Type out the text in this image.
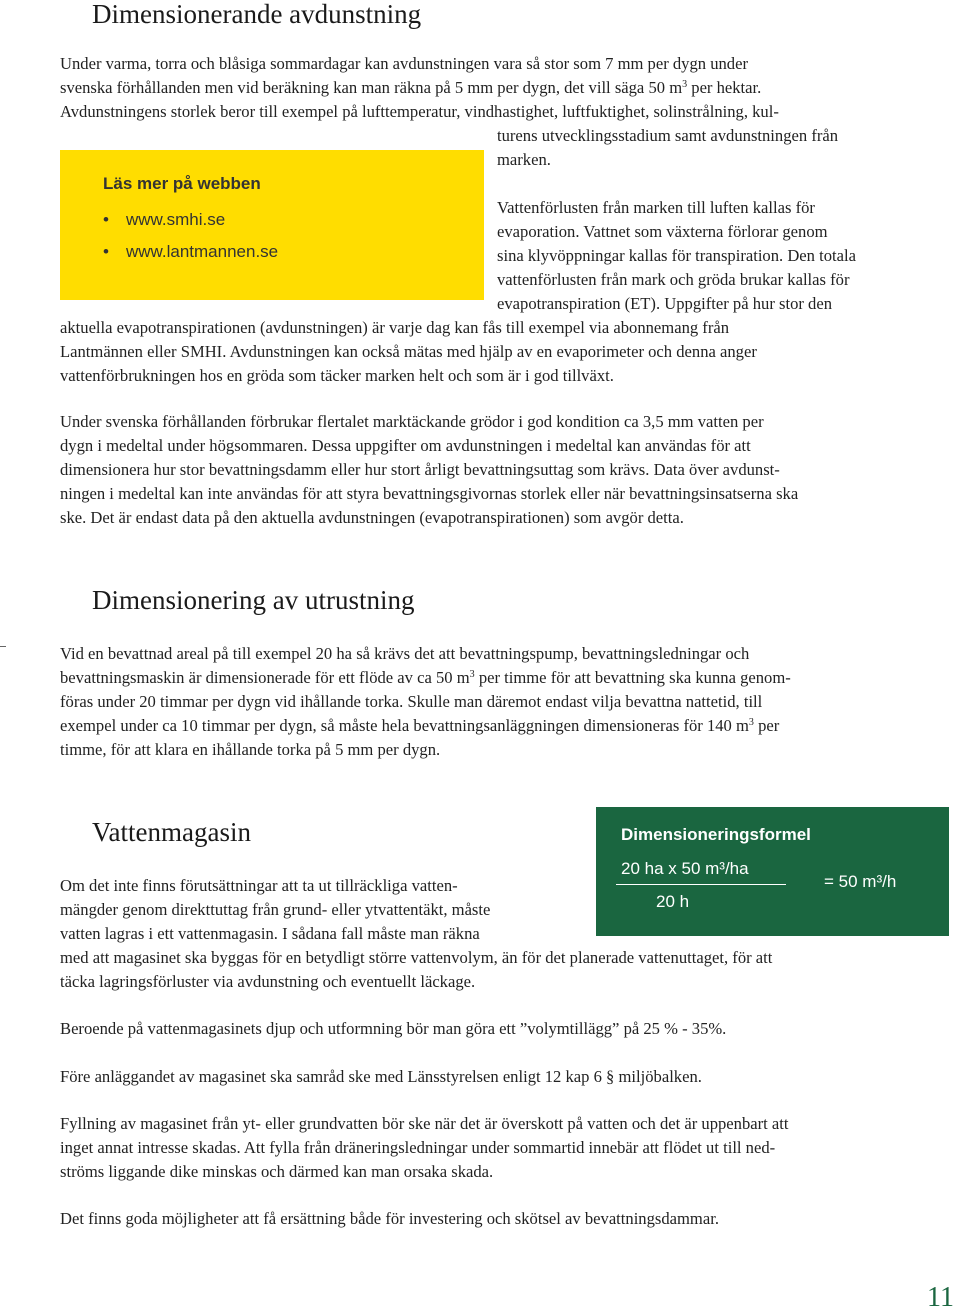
Dimensionerande avdunstning

Under varma, torra och blåsiga sommardagar kan avdunstningen vara så stor som 7 mm per dygn under
svenska förhållanden men vid beräkning kan man räkna på 5 mm per dygn, det vill säga 50 $m^3$ per hektar.
Avdunstningens storlek beror till exempel på lufttemperatur, vindhastighet, luftfuktighet, solinstrålning, kul-

turens utvecklingsstadium samt avdunstningen från
marken.

Läs mer på webben
• www.smhi.se
• www.lantmannen.se

Vattenförlusten från marken till luften kallas för
evaporation. Vattnet som växterna förlorar genom
sina klyvöppningar kallas för transpiration. Den totala
vattenförlusten från mark och gröda brukar kallas för
evapotranspiration (ET). Uppgifter på hur stor den

aktuella evapotranspirationen (avdunstningen) är varje dag kan fås till exempel via abonnemang från
Lantmännen eller SMHI. Avdunstningen kan också mätas med hjälp av en evaporimeter och denna anger
vattenförbrukningen hos en gröda som täcker marken helt och som är i god tillväxt.

Under svenska förhållanden förbrukar flertalet marktäckande grödor i god kondition ca 3,5 mm vatten per
dygn i medeltal under högsommaren. Dessa uppgifter om avdunstningen i medeltal kan användas för att
dimensionera hur stor bevattningsdamm eller hur stort årligt bevattningsuttag som krävs. Data över avdunst-
ningen i medeltal kan inte användas för att styra bevattningsgivornas storlek eller när bevattningsinsatserna ska
ske. Det är endast data på den aktuella avdunstningen (evapotranspirationen) som avgör detta.

Dimensionering av utrustning

Vid en bevattnad areal på till exempel 20 ha så krävs det att bevattningspump, bevattningsledningar och
bevattningsmaskin är dimensionerade för ett flöde av ca 50 $m^3$ per timme för att bevattning ska kunna genom-
föras under 20 timmar per dygn vid ihållande torka. Skulle man däremot endast vilja bevattna nattetid, till
exempel under ca 10 timmar per dygn, så måste hela bevattningsanläggningen dimensioneras för 140 $m^3$ per
timme, för att klara en ihållande torka på 5 mm per dygn.

Dimensioneringsformel
20 ha x 50 m³/ha
20 h
= 50 m³/h
Vattenmagasin

Om det inte finns förutsättningar att ta ut tillräckliga vatten-
mängder genom direkttuttag från grund- eller ytvattentäkt, måste
vatten lagras i ett vattenmagasin. I sådana fall måste man räkna

med att magasinet ska byggas för en betydligt större vattenvolym, än för det planerade vattenuttaget, för att
täcka lagringsförluster via avdunstning och eventuellt läckage.

Beroende på vattenmagasinets djup och utformning bör man göra ett ”volymtillägg” på 25 % - 35%.

Före anläggandet av magasinet ska samråd ske med Länsstyrelsen enligt 12 kap 6 § miljöbalken.

Fyllning av magasinet från yt- eller grundvatten bör ske när det är överskott på vatten och det är uppenbart att
inget annat intresse skadas. Att fylla från dräneringsledningar under sommartid innebär att flödet ut till ned-
ströms liggande dike minskas och därmed kan man orsaka skada.

Det finns goda möjligheter att få ersättning både för investering och skötsel av bevattningsdammar.

11
